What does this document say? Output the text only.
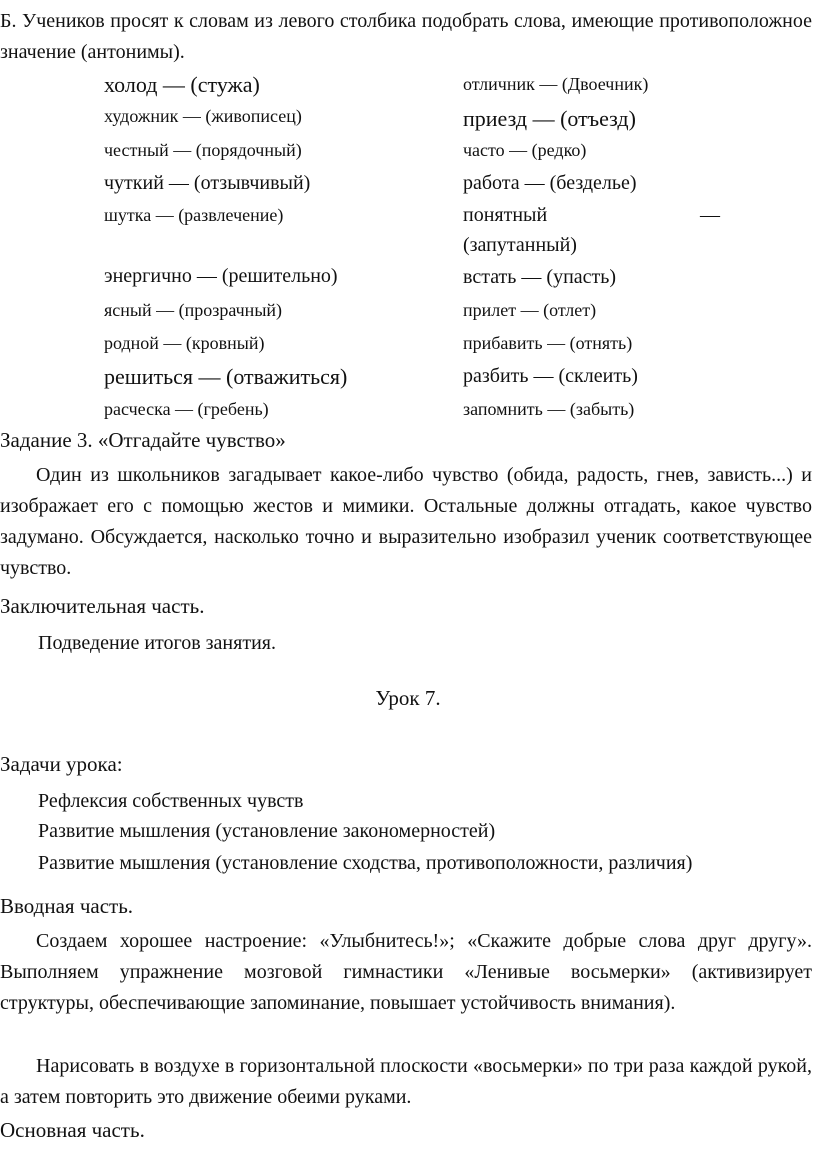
Б. Учеников просят к словам из левого столбика подобрать слова, имеющие противоположное значение (антонимы).
холод — (стужа)
художник — (живописец)
честный — (порядочный)
чуткий — (отзывчивый)
шутка — (развлечение)
энергично — (решительно)
ясный — (прозрачный)
родной — (кровный)
решиться — (отважиться)
расческа — (гребень)
отличник — (Двоечник)
приезд — (отъезд)
часто — (редко)
работа — (безделье)
понятный	—
(запутанный)
встать — (упасть)
прилет — (отлет)
прибавить — (отнять)
разбить — (склеить)
запомнить — (забыть)
Задание 3. «Отгадайте чувство»
Один из школьников загадывает какое-либо чувство (обида, радость, гнев, зависть...) и изображает его с помощью жестов и мимики. Остальные должны отгадать, какое чувство задумано. Обсуждается, насколько точно и выразительно изобразил ученик соответствующее чувство.
Заключительная часть.
Подведение итогов занятия.
Урок 7.
Задачи урока:
Рефлексия собственных чувств
Развитие мышления (установление закономерностей)
Развитие мышления (установление сходства, противоположности, различия)
Вводная часть.
Создаем хорошее настроение: «Улыбнитесь!»; «Скажите добрые слова друг другу». Выполняем упражнение мозговой гимнастики «Ленивые восьмерки» (активизирует структуры, обеспечивающие запоминание, повышает устойчивость внимания).
Нарисовать в воздухе в горизонтальной плоскости «восьмерки» по три раза каждой рукой, а затем повторить это движение обеими руками.
Основная часть.
